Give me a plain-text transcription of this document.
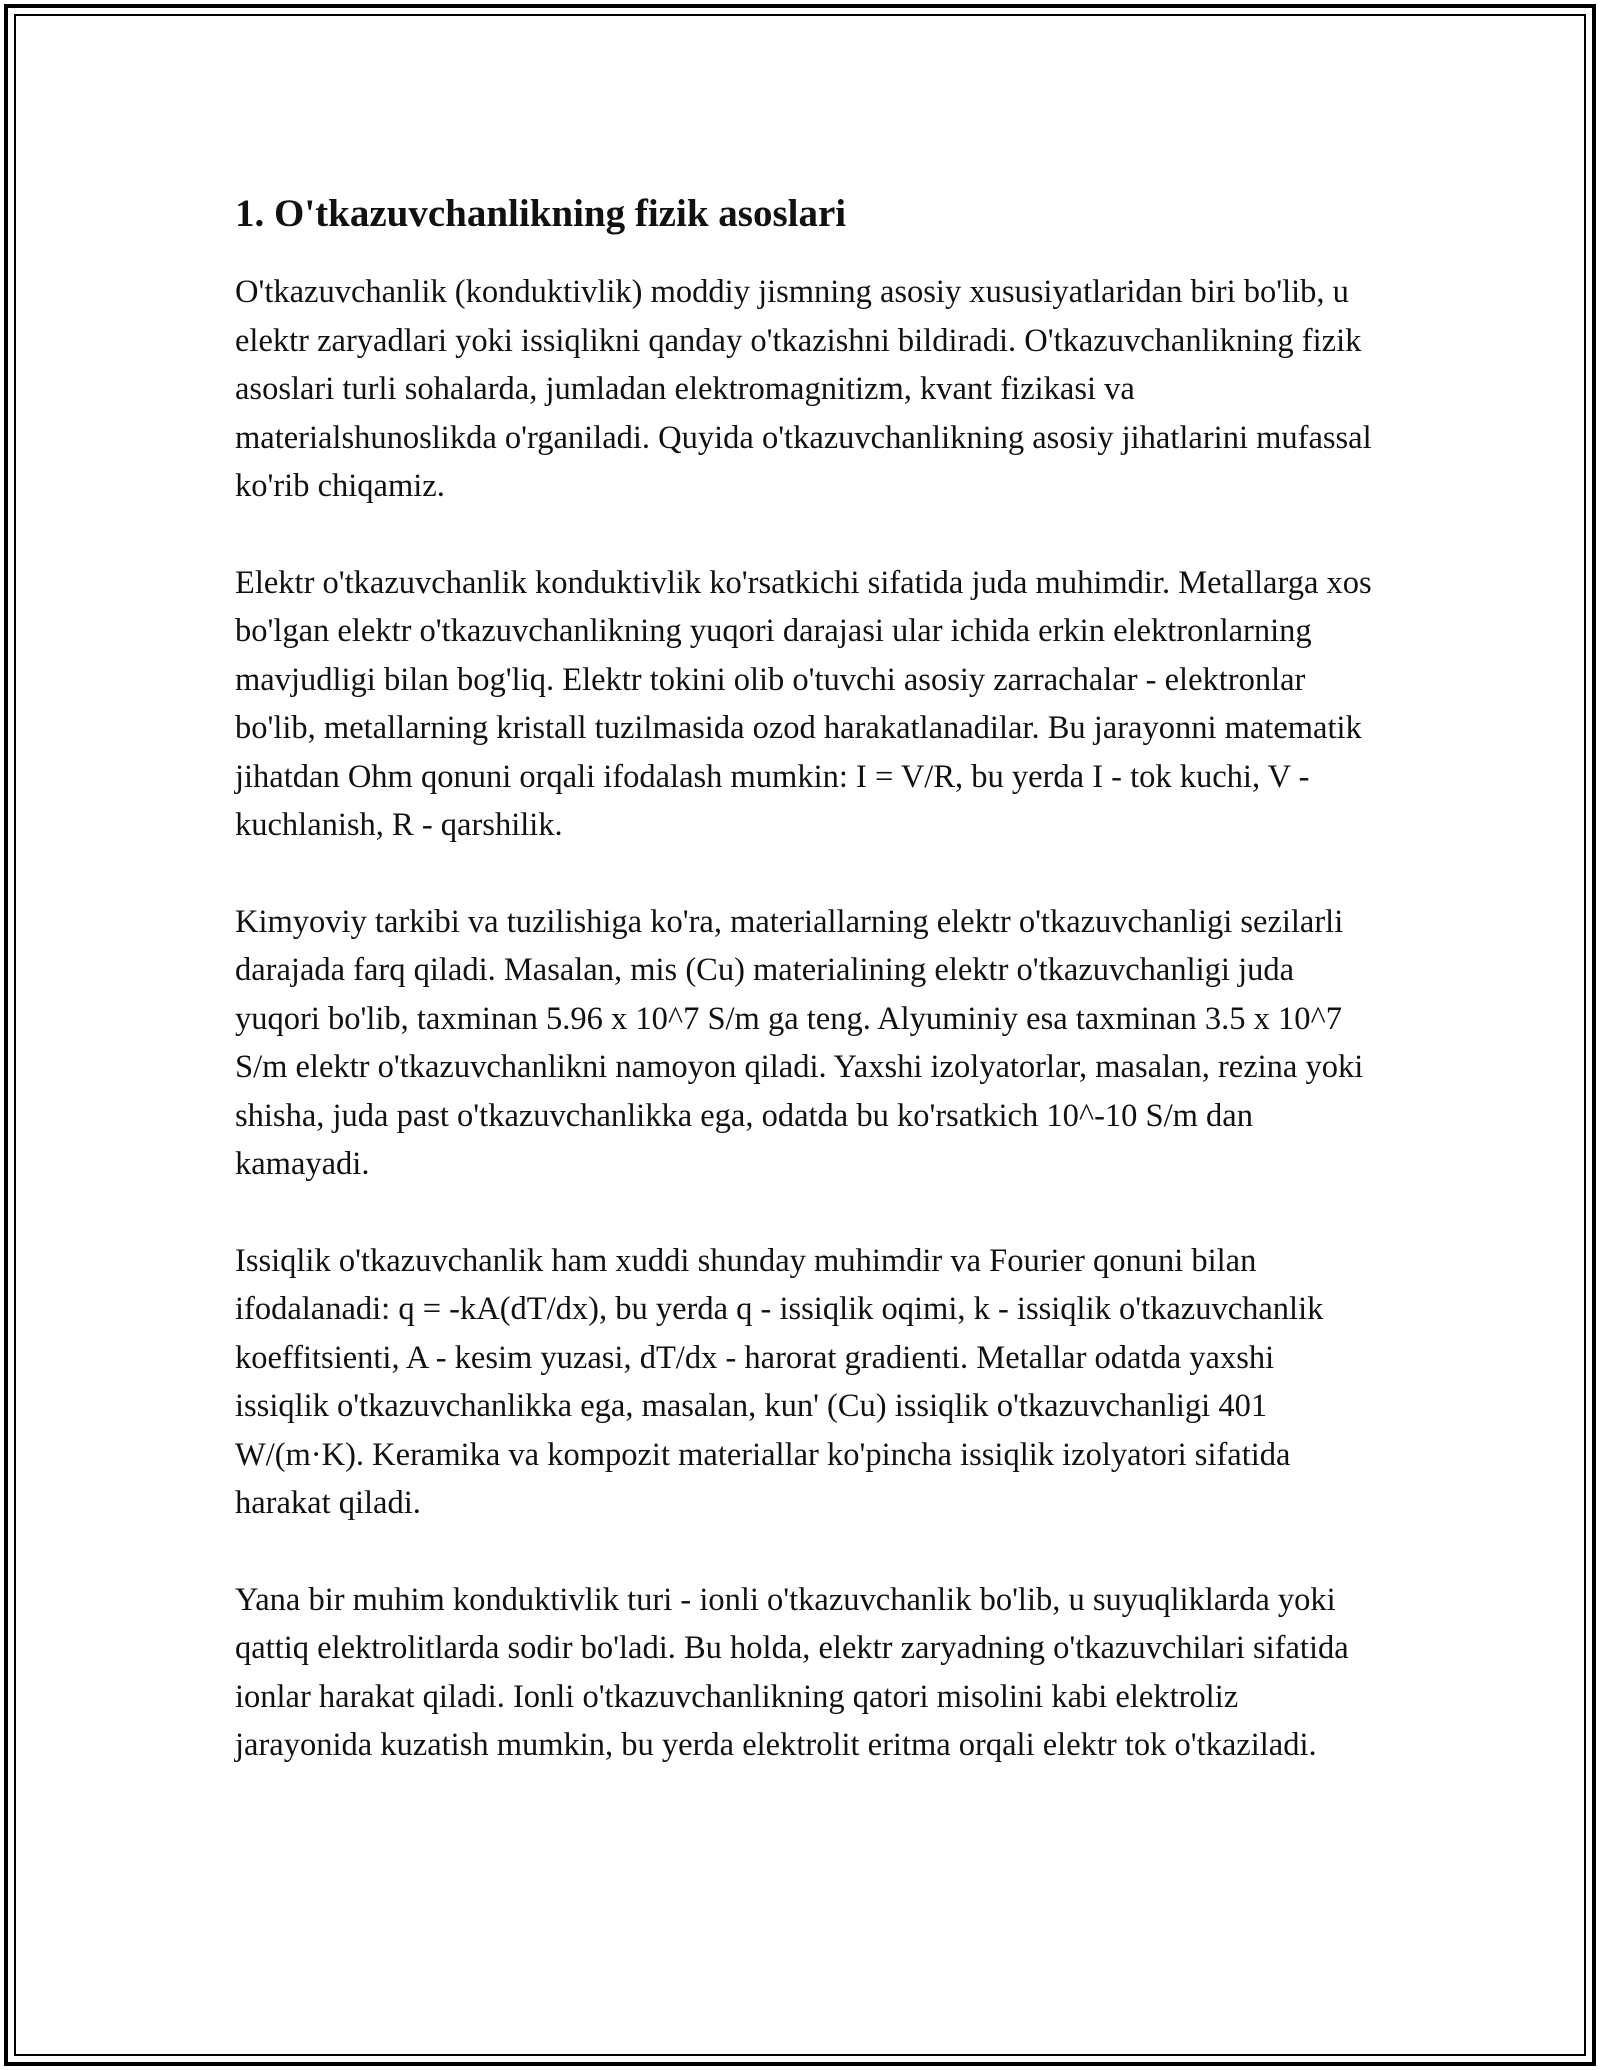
1. O'tkazuvchanlikning fizik asoslari

O'tkazuvchanlik (konduktivlik) moddiy jismning asosiy xususiyatlaridan biri bo'lib, u elektr zaryadlari yoki issiqlikni qanday o'tkazishni bildiradi. O'tkazuvchanlikning fizik asoslari turli sohalarda, jumladan elektromagnitizm, kvant fizikasi va materialshunoslikda o'rganiladi. Quyida o'tkazuvchanlikning asosiy jihatlarini mufassal ko'rib chiqamiz.

Elektr o'tkazuvchanlik konduktivlik ko'rsatkichi sifatida juda muhimdir. Metallarga xos bo'lgan elektr o'tkazuvchanlikning yuqori darajasi ular ichida erkin elektronlarning mavjudligi bilan bog'liq. Elektr tokini olib o'tuvchi asosiy zarrachalar - elektronlar bo'lib, metallarning kristall tuzilmasida ozod harakatlanadilar. Bu jarayonni matematik jihatdan Ohm qonuni orqali ifodalash mumkin: I = V/R, bu yerda I - tok kuchi, V - kuchlanish, R - qarshilik.

Kimyoviy tarkibi va tuzilishiga ko'ra, materiallarning elektr o'tkazuvchanligi sezilarli darajada farq qiladi. Masalan, mis (Cu) materialining elektr o'tkazuvchanligi juda yuqori bo'lib, taxminan 5.96 x 10^7 S/m ga teng. Alyuminiy esa taxminan 3.5 x 10^7 S/m elektr o'tkazuvchanlikni namoyon qiladi. Yaxshi izolyatorlar, masalan, rezina yoki shisha, juda past o'tkazuvchanlikka ega, odatda bu ko'rsatkich 10^-10 S/m dan kamayadi.

Issiqlik o'tkazuvchanlik ham xuddi shunday muhimdir va Fourier qonuni bilan ifodalanadi: q = -kA(dT/dx), bu yerda q - issiqlik oqimi, k - issiqlik o'tkazuvchanlik koeffitsienti, A - kesim yuzasi, dT/dx - harorat gradienti. Metallar odatda yaxshi issiqlik o'tkazuvchanlikka ega, masalan, kun' (Cu) issiqlik o'tkazuvchanligi 401 W/(m·K). Keramika va kompozit materiallar ko'pincha issiqlik izolyatori sifatida harakat qiladi.

Yana bir muhim konduktivlik turi - ionli o'tkazuvchanlik bo'lib, u suyuqliklarda yoki qattiq elektrolitlarda sodir bo'ladi. Bu holda, elektr zaryadning o'tkazuvchilari sifatida ionlar harakat qiladi. Ionli o'tkazuvchanlikning qatori misolini kabi elektroliz jarayonida kuzatish mumkin, bu yerda elektrolit eritma orqali elektr tok o'tkaziladi.
